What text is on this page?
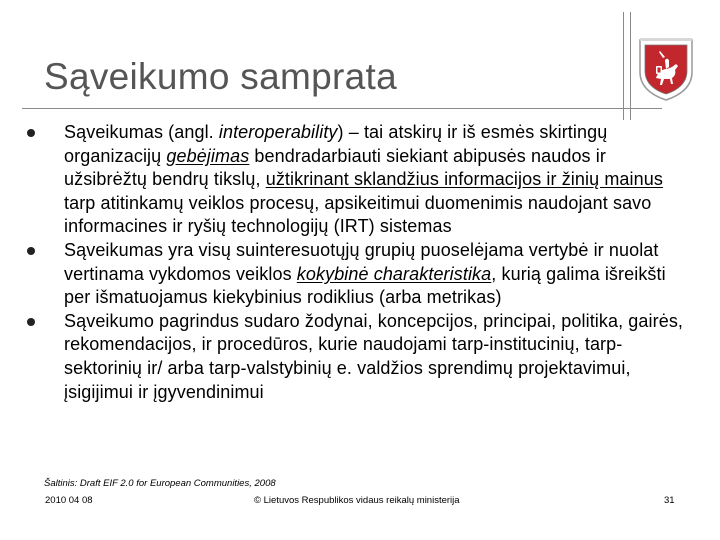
Sąveikumo samprata

Sąveikumas (angl. interoperability) – tai atskirų ir iš esmės skirtingų organizacijų gebėjimas bendradarbiauti siekiant abipusės naudos ir užsibrėžtų bendrų tikslų, užtikrinant sklandžius informacijos ir žinių mainus tarp atitinkamų veiklos procesų, apsikeitimui duomenimis naudojant savo informacines ir ryšių technologijų (IRT) sistemas

Sąveikumas yra visų suinteresuotųjų grupių puoselėjama vertybė ir nuolat vertinama vykdomos veiklos kokybinė charakteristika, kurią galima išreikšti per išmatuojamus kiekybinius rodiklius (arba metrikas)

Sąveikumo pagrindus sudaro žodynai, koncepcijos, principai, politika, gairės, rekomendacijos, ir procedūros, kurie naudojami tarp-institucinių, tarp-sektorinių ir/ arba tarp-valstybinių e. valdžios sprendimų projektavimui, įsigijimui ir įgyvendinimui

Šaltinis: Draft EIF 2.0 for European Communities, 2008
2010 04 08	© Lietuvos Respublikos vidaus reikalų ministerija	31
